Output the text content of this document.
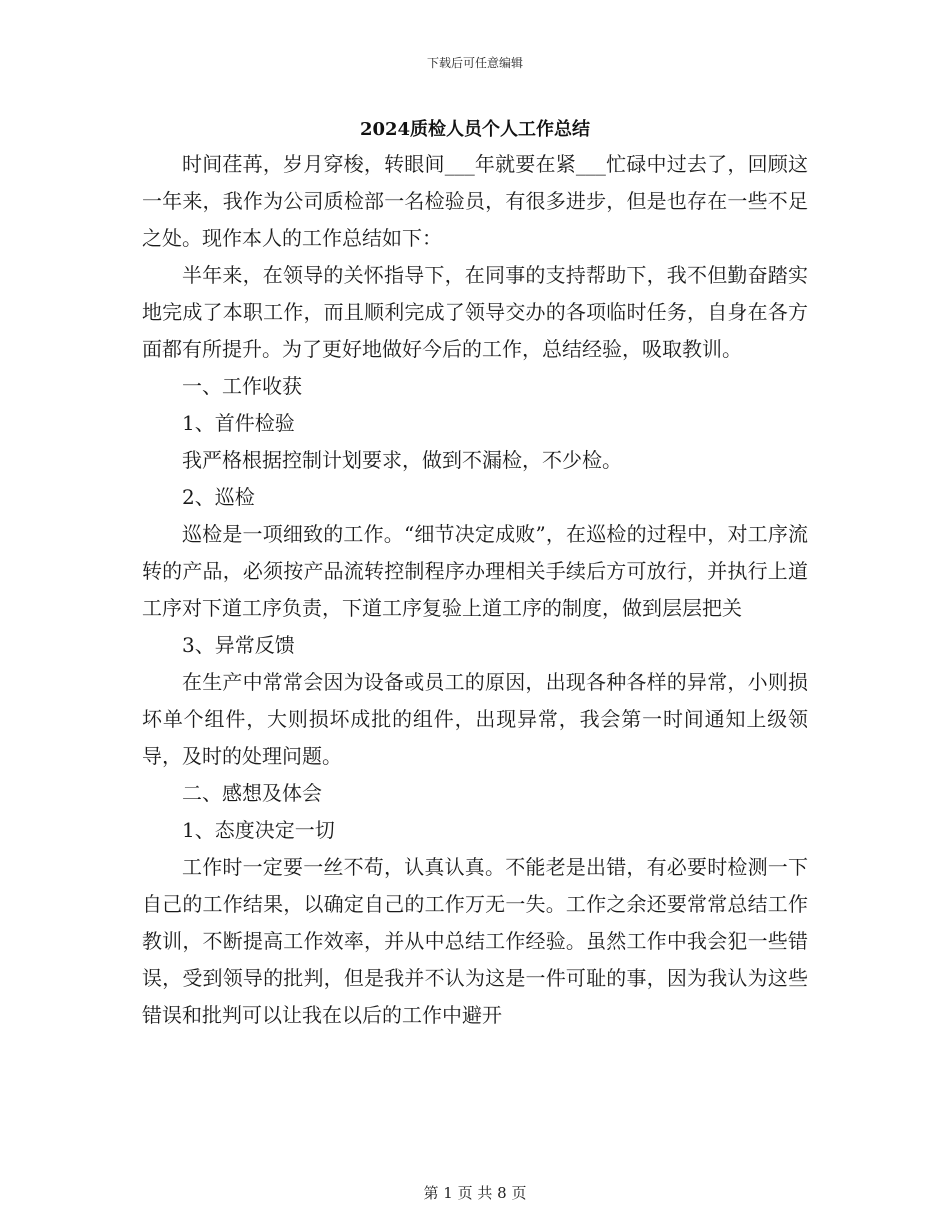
下载后可任意编辑
2024质检人员个人工作总结

时间荏苒，岁月穿梭，转眼间___年就要在紧___忙碌中过去了，回顾这一年来，我作为公司质检部一名检验员，有很多进步，但是也存在一些不足之处。现作本人的工作总结如下：

半年来，在领导的关怀指导下，在同事的支持帮助下，我不但勤奋踏实地完成了本职工作，而且顺利完成了领导交办的各项临时任务，自身在各方面都有所提升。为了更好地做好今后的工作，总结经验，吸取教训。

一、工作收获

1、首件检验

我严格根据控制计划要求，做到不漏检，不少检。

2、巡检

巡检是一项细致的工作。“细节决定成败”，在巡检的过程中，对工序流转的产品，必须按产品流转控制程序办理相关手续后方可放行，并执行上道工序对下道工序负责，下道工序复验上道工序的制度，做到层层把关

3、异常反馈

在生产中常常会因为设备或员工的原因，出现各种各样的异常，小则损坏单个组件，大则损坏成批的组件，出现异常，我会第一时间通知上级领导，及时的处理问题。

二、感想及体会

1、态度决定一切

工作时一定要一丝不苟，认真认真。不能老是出错，有必要时检测一下自己的工作结果，以确定自己的工作万无一失。工作之余还要常常总结工作教训，不断提高工作效率，并从中总结工作经验。虽然工作中我会犯一些错误，受到领导的批判，但是我并不认为这是一件可耻的事，因为我认为这些错误和批判可以让我在以后的工作中避开

第 1 页 共 8 页
